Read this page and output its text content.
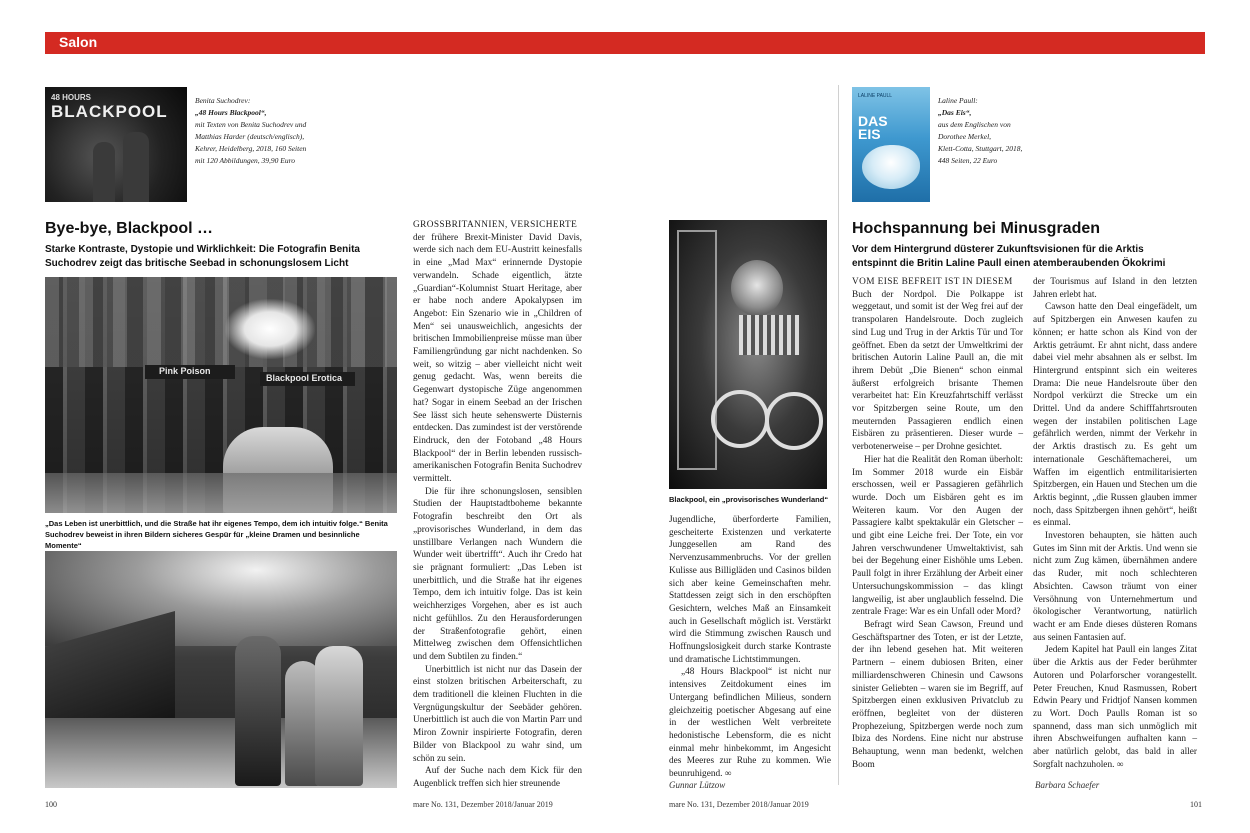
Salon
48 HOURS
BLACKPOOL
Benita Suchodrev:
„48 Hours Blackpool“,
mit Texten von Benita Suchodrev und
Matthias Harder (deutsch/englisch),
Kehrer, Heidelberg, 2018, 160 Seiten
mit 120 Abbildungen, 39,90 Euro
LALINE PAULL
DAS EIS
Laline Paull:
„Das Eis“,
aus dem Englischen von
Dorothee Merkel,
Klett-Cotta, Stuttgart, 2018,
448 Seiten, 22 Euro
Bye-bye, Blackpool …
Starke Kontraste, Dystopie und Wirklichkeit: Die Fotografin Benita Suchodrev zeigt das britische Seebad in schonungslosem Licht
Hochspannung bei Minusgraden
Vor dem Hintergrund düsterer Zukunftsvisionen für die Arktis entspinnt die Britin Laline Paull einen atemberaubenden Ökokrimi
Pink Poison
Blackpool Erotica
„Das Leben ist unerbittlich, und die Straße hat ihr eigenes Tempo, dem ich intuitiv folge.“ Benita Suchodrev beweist in ihren Bildern sicheres Gespür für „kleine Dramen und besinnliche Momente“
Blackpool, ein „provisorisches Wunderland“

GROSSBRITANNIEN, VERSICHERTE

der frühere Brexit-Minister David Davis, werde sich nach dem EU-Austritt keinesfalls in eine „Mad Max“ erinnernde Dystopie verwandeln. Schade eigentlich, ätzte „Guardian“-Kolumnist Stuart Heritage, aber er habe noch andere Apokalypsen im Angebot: Ein Szenario wie in „Children of Men“ sei unausweichlich, angesichts der britischen Immobilienpreise müsse man über Familiengründung gar nicht nachdenken. So weit, so witzig – aber vielleicht nicht weit genug gedacht. Was, wenn bereits die Gegenwart dystopische Züge angenommen hat? Sogar in einem Seebad an der Irischen See lässt sich heute sehenswerte Düsternis entdecken. Das zumindest ist der verstörende Eindruck, den der Fotoband „48 Hours Blackpool“ der in Berlin lebenden russisch-amerikanischen Fotografin Benita Suchodrev vermittelt.

Die für ihre schonungslosen, sensiblen Studien der Hauptstadtboheme bekannte Fotografin beschreibt den Ort als „provisorisches Wunderland, in dem das unstillbare Verlangen nach Wundern die Wunder weit übertrifft“. Auch ihr Credo hat sie prägnant formuliert: „Das Leben ist unerbittlich, und die Straße hat ihr eigenes Tempo, dem ich intuitiv folge. Das ist kein weichherziges Vorgehen, aber es ist auch nicht gefühllos. Zu den Herausforderungen der Straßenfotografie gehört, einen Mittelweg zwischen dem Offensichtlichen und dem Subtilen zu finden.“

Unerbittlich ist nicht nur das Dasein der einst stolzen britischen Arbeiterschaft, zu dem traditionell die kleinen Fluchten in die Vergnügungskultur der Seebäder gehören. Unerbittlich ist auch die von Martin Parr und Miron Zownir inspirierte Fotografin, deren Bilder von Blackpool zu wahr sind, um schön zu sein.

Auf der Suche nach dem Kick für den Augenblick treffen sich hier streunende

Jugendliche, überforderte Familien, gescheiterte Existenzen und verkaterte Junggesellen am Rand des Nervenzusammenbruchs. Vor der grellen Kulisse aus Billigläden und Casinos bilden sich aber keine Gemeinschaften mehr. Stattdessen zeigt sich in den erschöpften Gesichtern, welches Maß an Einsamkeit auch in Gesellschaft möglich ist. Verstärkt wird die Stimmung zwischen Rausch und Hoffnungslosigkeit durch starke Kontraste und dramatische Lichtstimmungen.

„48 Hours Blackpool“ ist nicht nur intensives Zeitdokument eines im Untergang befindlichen Milieus, sondern gleichzeitig poetischer Abgesang auf eine in der westlichen Welt verbreitete hedonistische Lebensform, die es nicht einmal mehr hinbekommt, im Angesicht des Meeres zur Ruhe zu kommen. Wie beunruhigend. ∞

VOM EISE BEFREIT IST IN DIESEM

Buch der Nordpol. Die Polkappe ist weggetaut, und somit ist der Weg frei auf der transpolaren Handelsroute. Doch zugleich sind Lug und Trug in der Arktis Tür und Tor geöffnet. Eben da setzt der Umweltkrimi der britischen Autorin Laline Paull an, die mit ihrem Debüt „Die Bienen“ schon einmal äußerst erfolgreich brisante Themen verarbeitet hat: Ein Kreuzfahrtschiff verlässt vor Spitzbergen seine Route, um den meuternden Passagieren endlich einen Eisbären zu präsentieren. Dieser wurde – verbotenerweise – per Drohne gesichtet.

Hier hat die Realität den Roman überholt: Im Sommer 2018 wurde ein Eisbär erschossen, weil er Passagieren gefährlich wurde. Doch um Eisbären geht es im Weiteren kaum. Vor den Augen der Passagiere kalbt spektakulär ein Gletscher – und gibt eine Leiche frei. Der Tote, ein vor Jahren verschwundener Umweltaktivist, sah bei der Begehung einer Eishöhle ums Leben. Paull folgt in ihrer Erzählung der Arbeit einer Untersuchungskommission – das klingt langweilig, ist aber unglaublich fesselnd. Die zentrale Frage: War es ein Unfall oder Mord?

Befragt wird Sean Cawson, Freund und Geschäftspartner des Toten, er ist der Letzte, der ihn lebend gesehen hat. Mit weiteren Partnern – einem dubiosen Briten, einer milliardenschweren Chinesin und Cawsons sinister Geliebten – waren sie im Begriff, auf Spitzbergen einen exklusiven Privatclub zu eröffnen, begleitet von der düsteren Prophezeiung, Spitzbergen werde noch zum Ibiza des Nordens. Eine nicht nur abstruse Behauptung, wenn man bedenkt, welchen Boom

der Tourismus auf Island in den letzten Jahren erlebt hat.

Cawson hatte den Deal eingefädelt, um auf Spitzbergen ein Anwesen kaufen zu können; er hatte schon als Kind von der Arktis geträumt. Er ahnt nicht, dass andere dabei viel mehr absahnen als er selbst. Im Hintergrund entspinnt sich ein weiteres Drama: Die neue Handelsroute über den Nordpol verkürzt die Strecke um ein Drittel. Und da andere Schifffahrtsrouten wegen der instabilen politischen Lage gefährlich werden, nimmt der Verkehr in der Arktis drastisch zu. Es geht um internationale Geschäftemacherei, um Waffen im eigentlich entmilitarisierten Spitzbergen, ein Hauen und Stechen um die Arktis beginnt, „die Russen glauben immer noch, dass Spitzbergen ihnen gehört“, heißt es einmal.

Investoren behaupten, sie hätten auch Gutes im Sinn mit der Arktis. Und wenn sie nicht zum Zug kämen, übernähmen andere das Ruder, mit noch schlechteren Absichten. Cawson träumt von einer Versöhnung von Unternehmertum und ökologischer Verantwortung, natürlich wacht er am Ende dieses düsteren Romans aus seinen Fantasien auf.

Jedem Kapitel hat Paull ein langes Zitat über die Arktis aus der Feder berühmter Autoren und Polarforscher vorangestellt. Peter Freuchen, Knud Rasmussen, Robert Edwin Peary und Fridtjof Nansen kommen zu Wort. Doch Paulls Roman ist so spannend, dass man sich unmöglich mit ihren Abschweifungen aufhalten kann – aber natürlich gelobt, das bald in aller Sorgfalt nachzuholen. ∞

Gunnar Lützow	Barbara Schaefer
100	mare No. 131, Dezember 2018/Januar 2019	mare No. 131, Dezember 2018/Januar 2019	101
